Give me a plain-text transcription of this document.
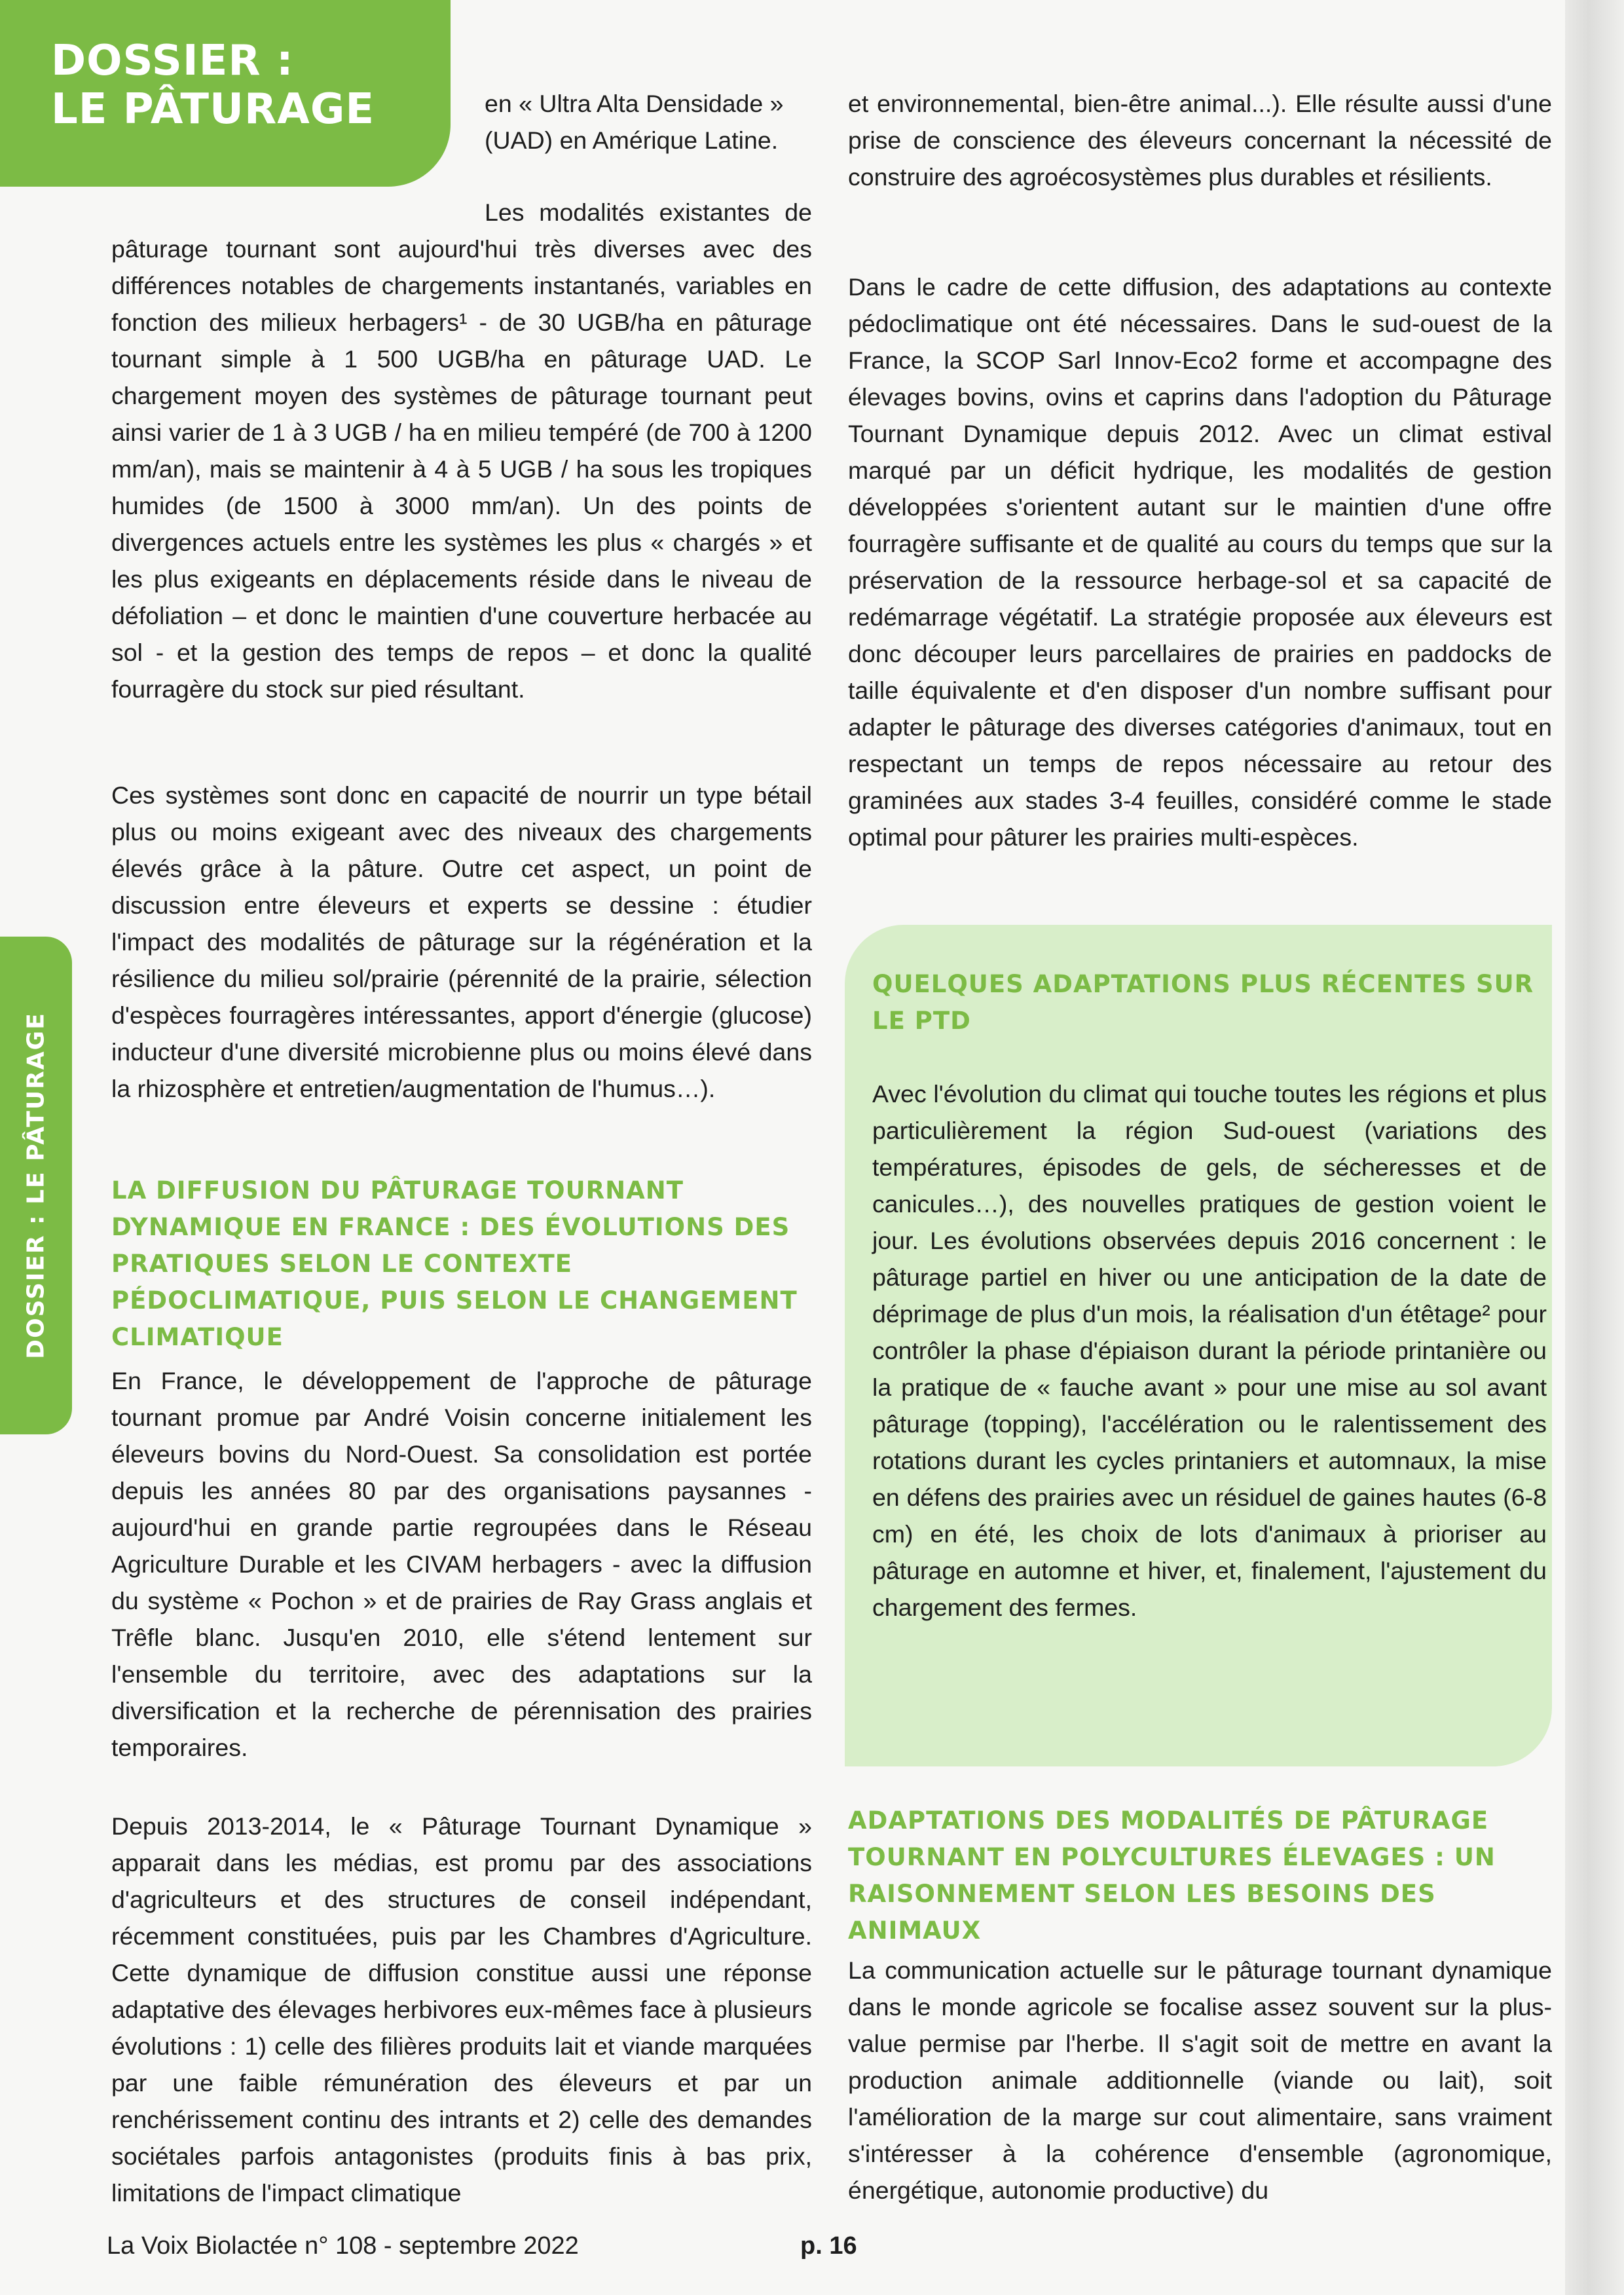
DOSSIER :
LE PÂTURAGE
DOSSIER : LE PÂTURAGE

en « Ultra Alta Densidade » (UAD) en Amérique Latine.

Les modalités existantes de pâturage tournant sont aujourd'hui très diverses avec des différences notables de chargements instantanés, variables en fonction des milieux herbagers¹ - de 30 UGB/ha en pâturage tournant simple à 1 500 UGB/ha en pâturage UAD. Le chargement moyen des systèmes de pâturage tournant peut ainsi varier de 1 à 3 UGB / ha en milieu tempéré (de 700 à 1200 mm/an), mais se maintenir à 4 à 5 UGB / ha sous les tropiques humides (de 1500 à 3000 mm/an). Un des points de divergences actuels entre les systèmes les plus « chargés » et les plus exigeants en déplacements réside dans le niveau de défoliation – et donc le maintien d'une couverture herbacée au sol - et la gestion des temps de repos – et donc la qualité fourragère du stock sur pied résultant.

Ces systèmes sont donc en capacité de nourrir un type bétail plus ou moins exigeant avec des niveaux des chargements élevés grâce à la pâture. Outre cet aspect, un point de discussion entre éleveurs et experts se dessine : étudier l'impact des modalités de pâturage sur la régénération et la résilience du milieu sol/prairie (pérennité de la prairie, sélection d'espèces fourragères intéressantes, apport d'énergie (glucose) inducteur d'une diversité microbienne plus ou moins élevé dans la rhizosphère et entretien/augmentation de l'humus…).

LA DIFFUSION DU PÂTURAGE TOURNANT DYNAMIQUE EN FRANCE : DES ÉVOLUTIONS DES PRATIQUES SELON LE CONTEXTE PÉDOCLIMATIQUE, PUIS SELON LE CHANGEMENT CLIMATIQUE

En France, le développement de l'approche de pâturage tournant promue par André Voisin concerne initialement les éleveurs bovins du Nord-Ouest. Sa consolidation est portée depuis les années 80 par des organisations paysannes - aujourd'hui en grande partie regroupées dans le Réseau Agriculture Durable et les CIVAM herbagers - avec la diffusion du système « Pochon » et de prairies de Ray Grass anglais et Trêfle blanc. Jusqu'en 2010, elle s'étend lentement sur l'ensemble du territoire, avec des adaptations sur la diversification et la recherche de pérennisation des prairies temporaires.

Depuis 2013-2014, le « Pâturage Tournant Dynamique » apparait dans les médias, est promu par des associations d'agriculteurs et des structures de conseil indépendant, récemment constituées, puis par les Chambres d'Agriculture. Cette dynamique de diffusion constitue aussi une réponse adaptative des élevages herbivores eux-mêmes face à plusieurs évolutions : 1) celle des filières produits lait et viande marquées par une faible rémunération des éleveurs et par un renchérissement continu des intrants et 2) celle des demandes sociétales parfois antagonistes (produits finis à bas prix, limitations de l'impact climatique

et environnemental, bien-être animal...). Elle résulte aussi d'une prise de conscience des éleveurs concernant la nécessité de construire des agroécosystèmes plus durables et résilients.

Dans le cadre de cette diffusion, des adaptations au contexte pédoclimatique ont été nécessaires. Dans le sud-ouest de la France, la SCOP Sarl Innov-Eco2 forme et accompagne des élevages bovins, ovins et caprins dans l'adoption du Pâturage Tournant Dynamique depuis 2012. Avec un climat estival marqué par un déficit hydrique, les modalités de gestion développées s'orientent autant sur le maintien d'une offre fourragère suffisante et de qualité au cours du temps que sur la préservation de la ressource herbage-sol et sa capacité de redémarrage végétatif. La stratégie proposée aux éleveurs est donc découper leurs parcellaires de prairies en paddocks de taille équivalente et d'en disposer d'un nombre suffisant pour adapter le pâturage des diverses catégories d'animaux, tout en respectant un temps de repos nécessaire au retour des graminées aux stades 3-4 feuilles, considéré comme le stade optimal pour pâturer les prairies multi-espèces.

QUELQUES ADAPTATIONS PLUS RÉCENTES SUR LE PTD

Avec l'évolution du climat qui touche toutes les régions et plus particulièrement la région Sud-ouest (variations des températures, épisodes de gels, de sécheresses et de canicules…), des nouvelles pratiques de gestion voient le jour. Les évolutions observées depuis 2016 concernent : le pâturage partiel en hiver ou une anticipation de la date de déprimage de plus d'un mois, la réalisation d'un étêtage² pour contrôler la phase d'épiaison durant la période printanière ou la pratique de « fauche avant » pour une mise au sol avant pâturage (topping), l'accélération ou le ralentissement des rotations durant les cycles printaniers et automnaux, la mise en défens des prairies avec un résiduel de gaines hautes (6-8 cm) en été, les choix de lots d'animaux à prioriser au pâturage en automne et hiver, et, finalement, l'ajustement du chargement des fermes.

ADAPTATIONS DES MODALITÉS DE PÂTURAGE TOURNANT EN POLYCULTURES ÉLEVAGES : UN RAISONNEMENT SELON LES BESOINS DES ANIMAUX

La communication actuelle sur le pâturage tournant dynamique dans le monde agricole se focalise assez souvent sur la plus-value permise par l'herbe. Il s'agit soit de mettre en avant la production animale additionnelle (viande ou lait), soit l'amélioration de la marge sur cout alimentaire, sans vraiment s'intéresser à la cohérence d'ensemble (agronomique, énergétique, autonomie productive) du

La Voix Biolactée n° 108 - septembre 2022	p. 16
